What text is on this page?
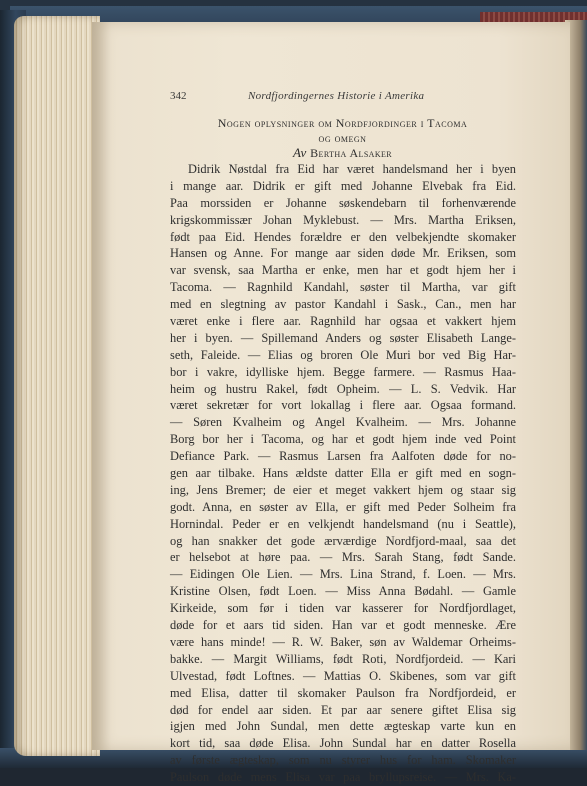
342	Nordfjordingernes Historie i Amerika
Nogen oplysninger om Nordfjordinger i Tacoma
og omegn
Av Bertha Alsaker
Didrik Nøstdal fra Eid har været handelsmand her i byen
i mange aar. Didrik er gift med Johanne Elvebak fra Eid.
Paa morssiden er Johanne søskendebarn til forhenværende
krigskommissær Johan Myklebust. — Mrs. Martha Eriksen,
født paa Eid. Hendes forældre er den velbekjendte skomaker
Hansen og Anne. For mange aar siden døde Mr. Eriksen, som
var svensk, saa Martha er enke, men har et godt hjem her i
Tacoma. — Ragnhild Kandahl, søster til Martha, var gift
med en slegtning av pastor Kandahl i Sask., Can., men har
været enke i flere aar. Ragnhild har ogsaa et vakkert hjem
her i byen. — Spillemand Anders og søster Elisabeth Lange-
seth, Faleide. — Elias og broren Ole Muri bor ved Big Har-
bor i vakre, idylliske hjem. Begge farmere. — Rasmus Haa-
heim og hustru Rakel, født Opheim. — L. S. Vedvik. Har
været sekretær for vort lokallag i flere aar. Ogsaa formand.
— Søren Kvalheim og Angel Kvalheim. — Mrs. Johanne
Borg bor her i Tacoma, og har et godt hjem inde ved Point
Defiance Park. — Rasmus Larsen fra Aalfoten døde for no-
gen aar tilbake. Hans ældste datter Ella er gift med en sogn-
ing, Jens Bremer; de eier et meget vakkert hjem og staar sig
godt. Anna, en søster av Ella, er gift med Peder Solheim fra
Hornindal. Peder er en velkjendt handelsmand (nu i Seattle),
og han snakker det gode ærværdige Nordfjord-maal, saa det
er helsebot at høre paa. — Mrs. Sarah Stang, født Sande.
— Eidingen Ole Lien. — Mrs. Lina Strand, f. Loen. — Mrs.
Kristine Olsen, født Loen. — Miss Anna Bødahl. — Gamle
Kirkeide, som før i tiden var kasserer for Nordfjordlaget,
døde for et aars tid siden. Han var et godt menneske. Ære
være hans minde! — R. W. Baker, søn av Waldemar Orheims-
bakke. — Margit Williams, født Roti, Nordfjordeid. — Kari
Ulvestad, født Loftnes. — Mattias O. Skibenes, som var gift
med Elisa, datter til skomaker Paulson fra Nordfjordeid, er
død for endel aar siden. Et par aar senere giftet Elisa sig
igjen med John Sundal, men dette ægteskap varte kun en
kort tid, saa døde Elisa. John Sundal har en datter Rosella
av første ægteskap, som nu styrer hus for ham. Skomaker
Paulson døde mens Elisa var paa bryllupsreise. — Mrs. Ka-
